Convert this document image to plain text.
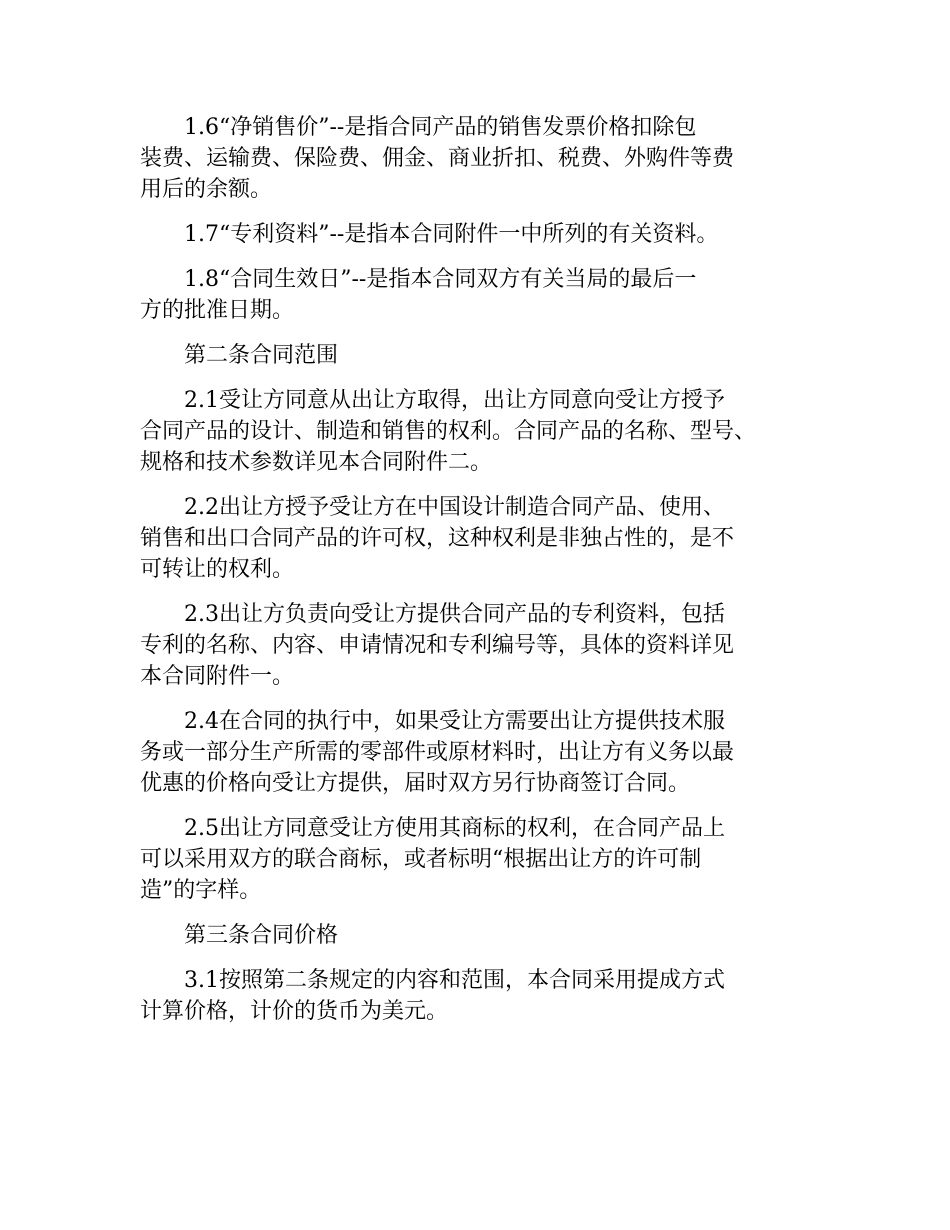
1.6“净销售价”--是指合同产品的销售发票价格扣除包
装费、运输费、保险费、佣金、商业折扣、税费、外购件等费
用后的余额。
1.7“专利资料”--是指本合同附件一中所列的有关资料。
1.8“合同生效日”--是指本合同双方有关当局的最后一
方的批准日期。
第二条合同范围
2.1受让方同意从出让方取得，出让方同意向受让方授予
合同产品的设计、制造和销售的权利。合同产品的名称、型号、
规格和技术参数详见本合同附件二。
2.2出让方授予受让方在中国设计制造合同产品、使用、
销售和出口合同产品的许可权，这种权利是非独占性的，是不
可转让的权利。
2.3出让方负责向受让方提供合同产品的专利资料，包括
专利的名称、内容、申请情况和专利编号等，具体的资料详见
本合同附件一。
2.4在合同的执行中，如果受让方需要出让方提供技术服
务或一部分生产所需的零部件或原材料时，出让方有义务以最
优惠的价格向受让方提供，届时双方另行协商签订合同。
2.5出让方同意受让方使用其商标的权利，在合同产品上
可以采用双方的联合商标，或者标明“根据出让方的许可制
造”的字样。
第三条合同价格
3.1按照第二条规定的内容和范围，本合同采用提成方式
计算价格，计价的货币为美元。
